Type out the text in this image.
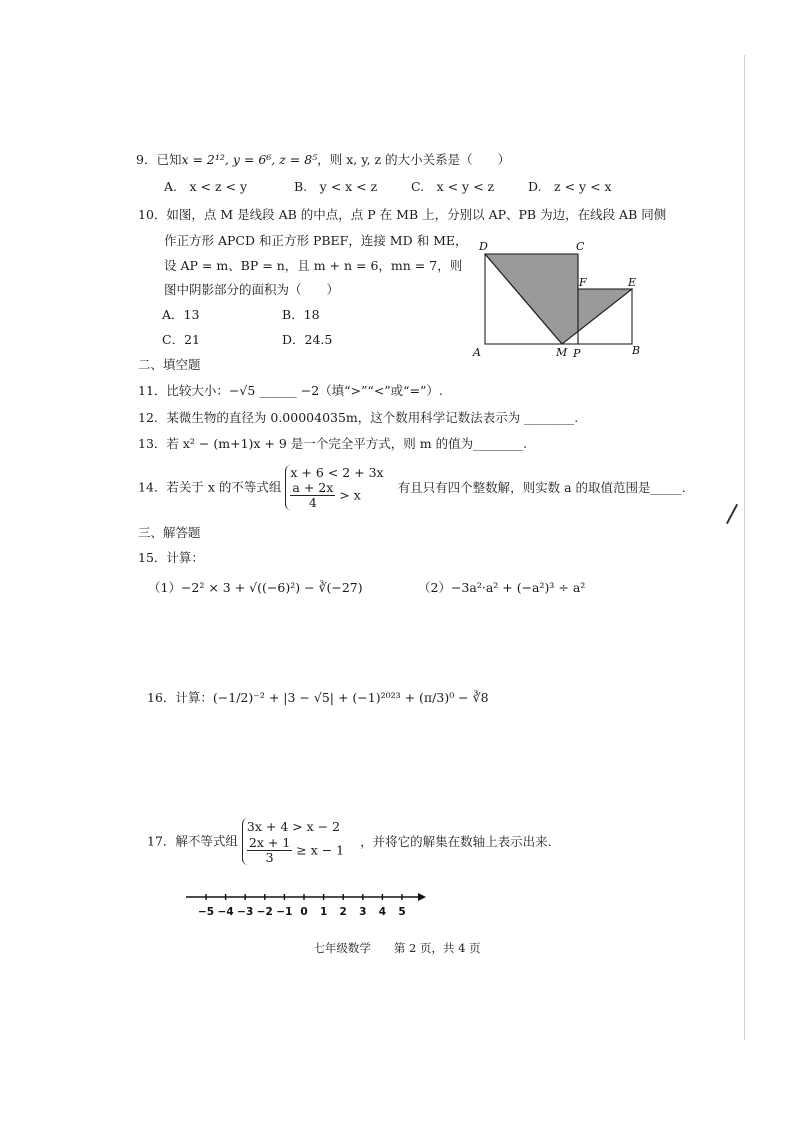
9．已知x = 2¹², y = 6⁶, z = 8⁵，则 x, y, z 的大小关系是（　　）
A.　x < z < y	B.　y < x < z	C.　x < y < z	D.　z < y < x
10．如图，点 M 是线段 AB 的中点，点 P 在 MB 上，分别以 AP、PB 为边，在线段 AB 同侧
作正方形 APCD 和正方形 PBEF，连接 MD 和 ME，
设 AP = m、BP = n，且 m + n = 6，mn = 7，则
图中阴影部分的面积为（　　）
A．13	B．18
C．21	D．24.5
D	C
F	E
A	M P	B
二、填空题
11．比较大小：−√5 ______ −2（填“>”“<”或“=”）.
12．某微生物的直径为 0.00004035m，这个数用科学记数法表示为 ________.
13．若 x² − (m+1)x + 9 是一个完全平方式，则 m 的值为________.
14．若关于 x 的不等式组
x + 6 < 2 + 3x
$\frac{a + 2x}{4} > x$
有且只有四个整数解，则实数 a 的取值范围是_____.
三、解答题
15．计算：
（1）−2² × 3 + √((−6)²) − ∛(−27)	（2）−3a²·a² + (−a²)³ ÷ a²
16．计算：(−1/2)⁻² + |3 − √5| + (−1)²⁰²³ + (π/3)⁰ − ∛8
17．解不等式组
3x + 4 > x − 2
$\frac{2x + 1}{3} \ge x - 1$
，并将它的解集在数轴上表示出来.
−5 −4 −3 −2 −1 0 1 2 3 4 5
七年级数学　　第 2 页，共 4 页
